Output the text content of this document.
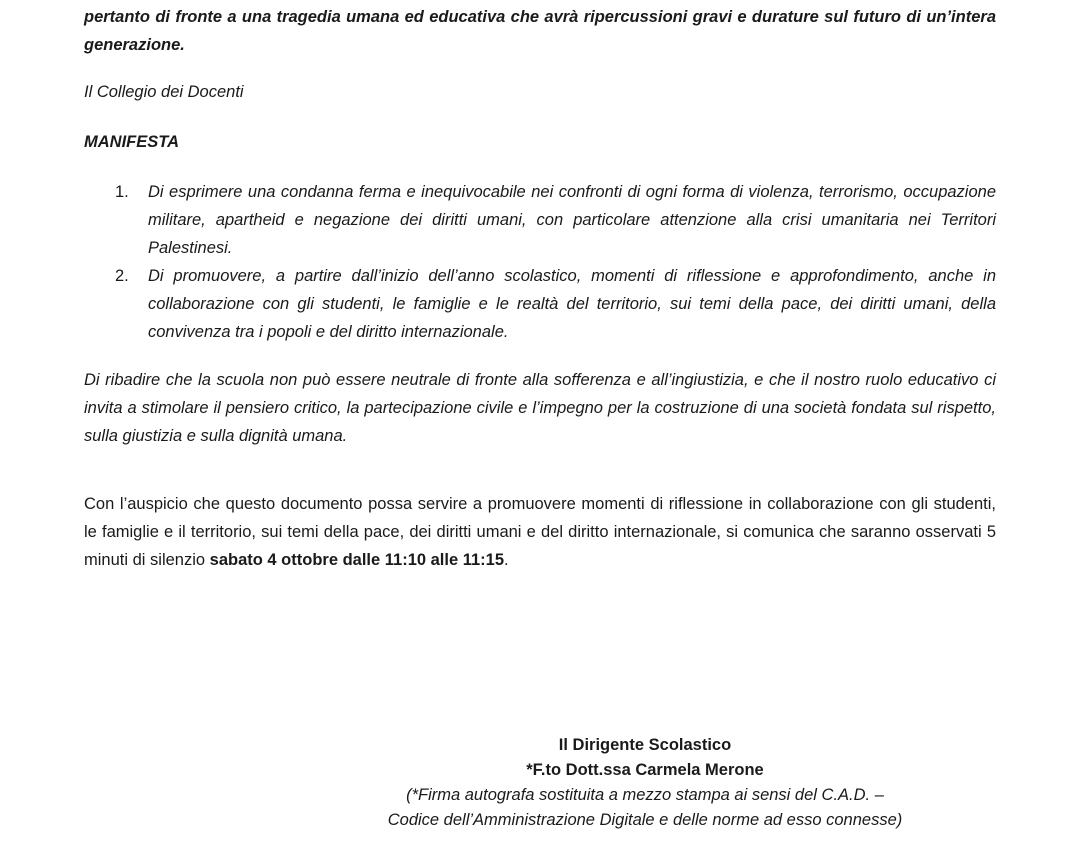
pertanto di fronte a una tragedia umana ed educativa che avrà ripercussioni gravi e durature sul futuro di un’intera generazione.

Il Collegio dei Docenti

MANIFESTA

1. Di esprimere una condanna ferma e inequivocabile nei confronti di ogni forma di violenza, terrorismo, occupazione militare, apartheid e negazione dei diritti umani, con particolare attenzione alla crisi umanitaria nei Territori Palestinesi.
2. Di promuovere, a partire dall’inizio dell’anno scolastico, momenti di riflessione e approfondimento, anche in collaborazione con gli studenti, le famiglie e le realtà del territorio, sui temi della pace, dei diritti umani, della convivenza tra i popoli e del diritto internazionale.

Di ribadire che la scuola non può essere neutrale di fronte alla sofferenza e all’ingiustizia, e che il nostro ruolo educativo ci invita a stimolare il pensiero critico, la partecipazione civile e l’impegno per la costruzione di una società fondata sul rispetto, sulla giustizia e sulla dignità umana.

Con l’auspicio che questo documento possa servire a promuovere momenti di riflessione in collaborazione con gli studenti, le famiglie e il territorio, sui temi della pace, dei diritti umani e del diritto internazionale, si comunica che saranno osservati 5 minuti di silenzio sabato 4 ottobre dalle 11:10 alle 11:15.

Il Dirigente Scolastico
*F.to Dott.ssa Carmela Merone
(*Firma autografa sostituita a mezzo stampa ai sensi del C.A.D. –
Codice dell’Amministrazione Digitale e delle norme ad esso connesse)
